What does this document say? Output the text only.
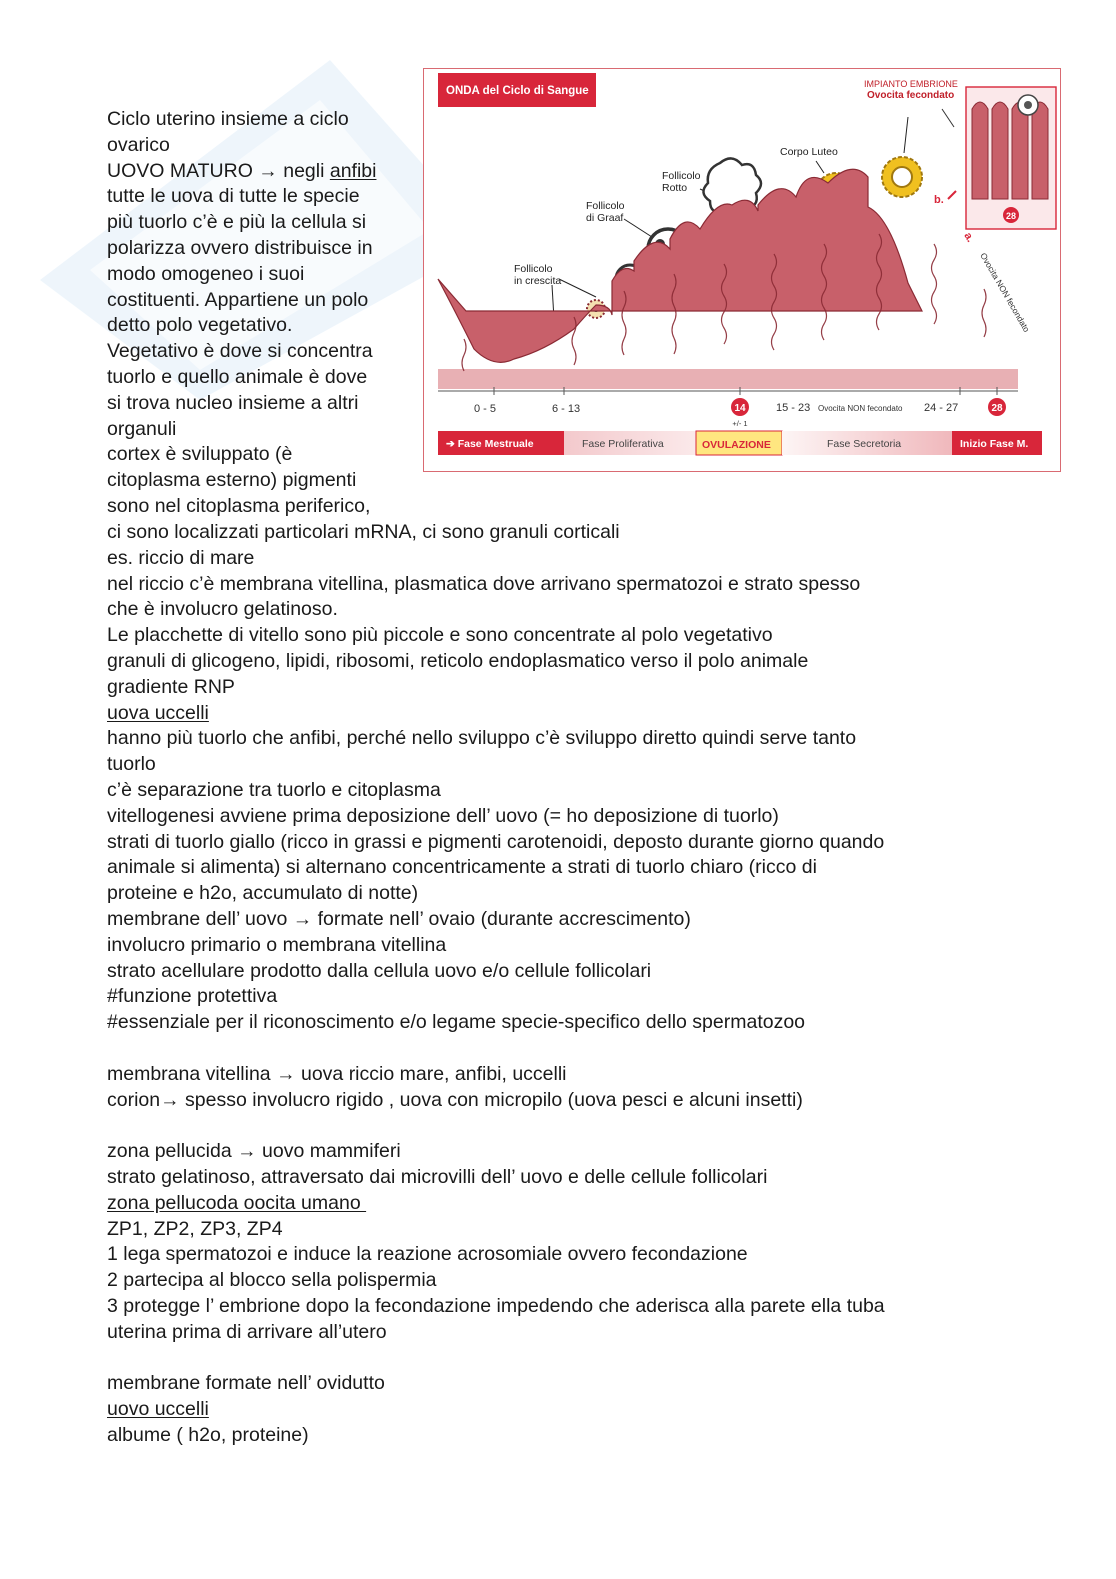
Ciclo uterino insieme a ciclo
ovarico
UOVO MATURO → negli anfibi
tutte le uova di tutte le specie
più tuorlo c’è e più la cellula si
polarizza ovvero distribuisce in
modo omogeneo i suoi
costituenti. Appartiene un polo
detto polo vegetativo.
Vegetativo è dove si concentra
tuorlo e quello animale è dove
si trova nucleo insieme a altri
organuli
cortex è sviluppato (è
citoplasma esterno) pigmenti
sono nel citoplasma periferico,
ONDA del Ciclo di Sangue
IMPIANTO EMBRIONE
Ovocita fecondato
28
Follicolo
in crescita
Follicolo
di Graaf
Follicolo
Rotto
Corpo Luteo
b.
a.
Ovocita NON fecondato
0 - 5	6 - 13	14
+/- 1
15 - 23 Ovocita NON fecondato 24 - 27	28
➔ Fase Mestruale	Fase Proliferativa	OVULAZIONE	Fase Secretoria	Inizio Fase M.
ci sono localizzati particolari mRNA, ci sono granuli corticali
es. riccio di mare
nel riccio c’è membrana vitellina, plasmatica dove arrivano spermatozoi e strato spesso
che è involucro gelatinoso.
Le placchette di vitello sono più piccole e sono concentrate al polo vegetativo
granuli di glicogeno, lipidi, ribosomi, reticolo endoplasmatico verso il polo animale
gradiente RNP
uova uccelli
hanno più tuorlo che anfibi, perché nello sviluppo c’è sviluppo diretto quindi serve tanto
tuorlo
c’è separazione tra tuorlo e citoplasma
vitellogenesi avviene prima deposizione dell’ uovo (= ho deposizione di tuorlo)
strati di tuorlo giallo (ricco in grassi e pigmenti carotenoidi, deposto durante giorno quando
animale si alimenta) si alternano concentricamente a strati di tuorlo chiaro (ricco di
proteine e h2o, accumulato di notte)
membrane dell’ uovo → formate nell’ ovaio (durante accrescimento)
involucro primario o membrana vitellina
strato acellulare prodotto dalla cellula uovo e/o cellule follicolari
#funzione protettiva
#essenziale per il riconoscimento e/o legame specie-specifico dello spermatozoo
membrana vitellina → uova riccio mare, anfibi, uccelli
corion→ spesso involucro rigido , uova con micropilo (uova pesci e alcuni insetti)
zona pellucida → uovo mammiferi
strato gelatinoso, attraversato dai microvilli dell’ uovo e delle cellule follicolari
zona pellucoda oocita umano
ZP1, ZP2, ZP3, ZP4
1 lega spermatozoi e induce la reazione acrosomiale ovvero fecondazione
2 partecipa al blocco sella polispermia
3 protegge l’ embrione dopo la fecondazione impedendo che aderisca alla parete ella tuba
uterina prima di arrivare all’utero
membrane formate nell’ ovidutto
uovo uccelli
albume ( h2o, proteine)
